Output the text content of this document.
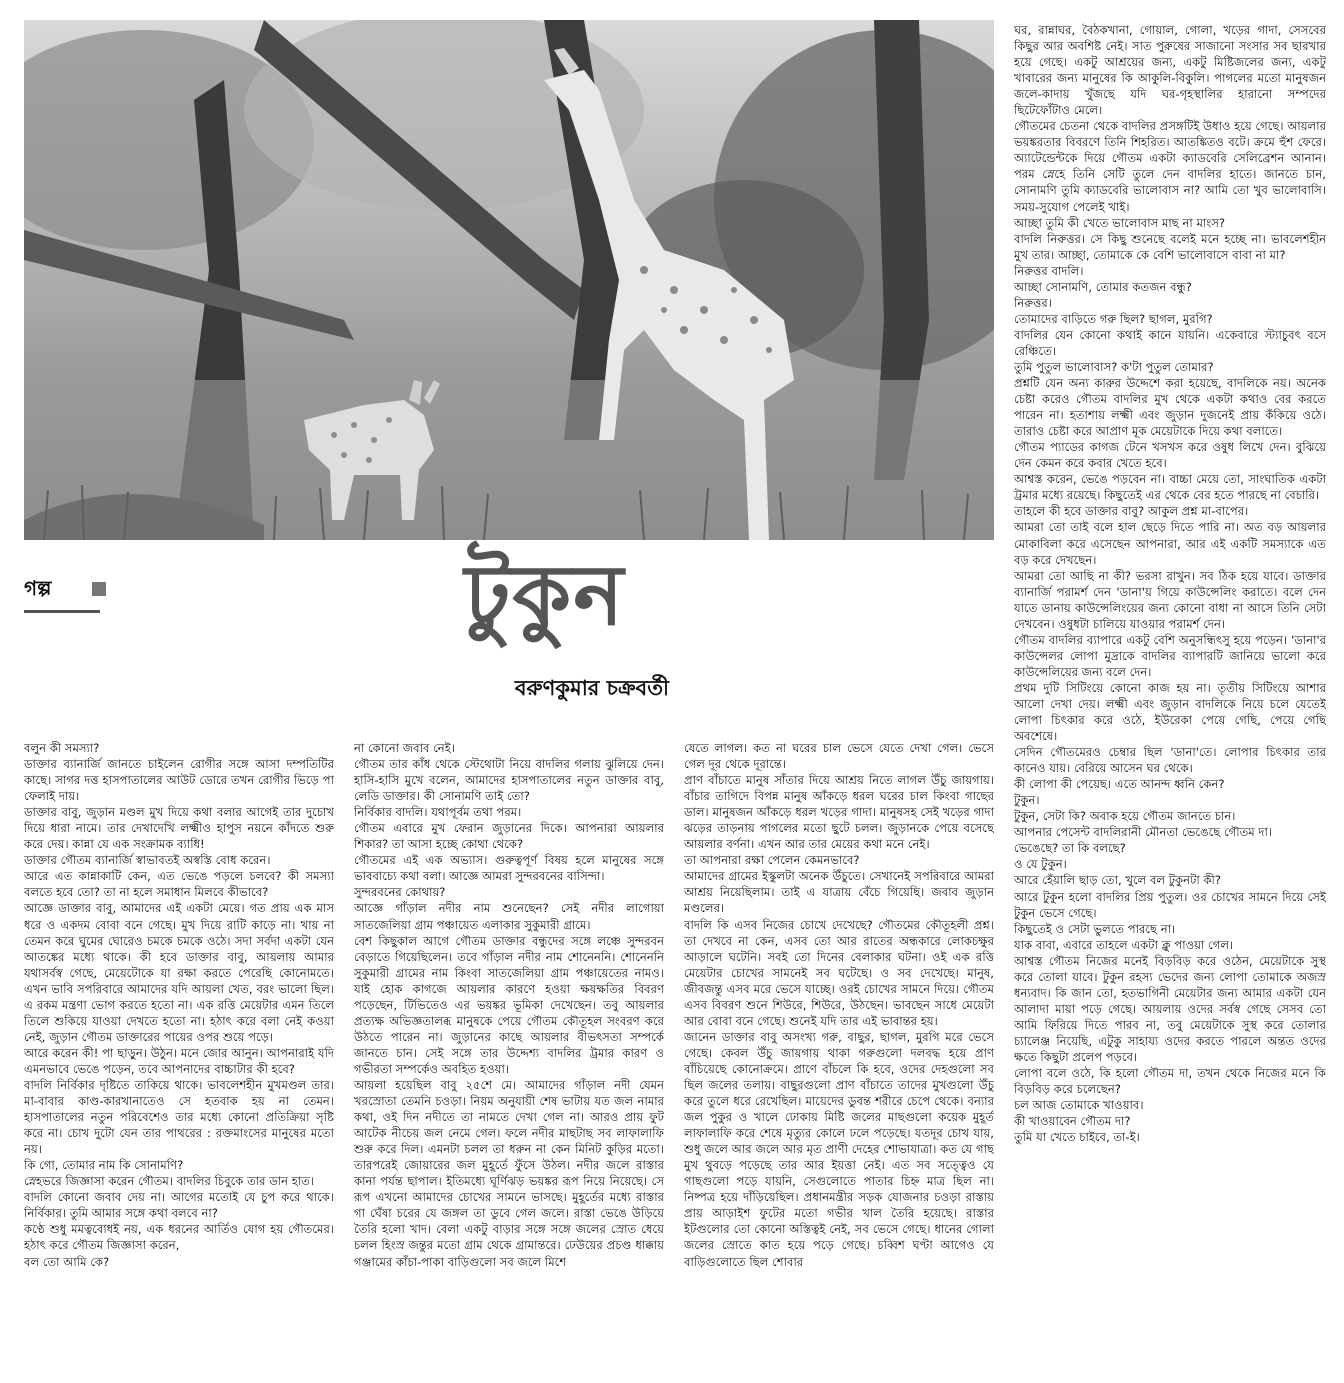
গল্প	টুকুন
বরুণকুমার চক্রবর্তী

বলুন কী সমস্যা?

ডাক্তার ব্যানার্জি জানতে চাইলেন রোগীর সঙ্গে আসা দম্পতিটির কাছে। সাগর দত্ত হাসপাতালের আউট ডোরে তখন রোগীর ভিড়ে পা ফেলাই দায়।

ডাক্তার বাবু, জুড়ান মণ্ডল মুখ দিয়ে কথা বলার আগেই তার দুচোখ দিয়ে ধারা নামে। তার দেখাদেখি লক্ষ্মীও হাপুস নয়নে কাঁদতে শুরু করে দেয়। কান্না যে এক সংক্রামক ব্যাধি!

ডাক্তার গৌতম ব্যানার্জি স্বাভাবতই অস্বস্তি বোধ করেন।

আরে এত কান্নাকাটি কেন, এত ভেঙে পড়লে চলবে? কী সমস্যা বলতে হবে তো? তা না হলে সমাধান মিলবে কীভাবে?

আজ্ঞে ডাক্তার বাবু, আমাদের এই একটা মেয়ে। গত প্রায় এক মাস ধরে ও একদম বোবা বনে গেছে। মুখ দিয়ে রাটি কাড়ে না। খায় না তেমন করে ঘুমের ঘোরেও চমকে চমকে ওঠে। সদা সর্বদা একটা যেন আতঙ্কের মধ্যে থাকে। কী হবে ডাক্তার বাবু, আয়লায় আমার যথাসর্বস্ব গেছে, মেয়েটোকে যা রক্ষা করতে পেরেছি কোনোমতে। এখন ভাবি সপরিবারে আমাদের যদি আয়লা খেত, বরং ভালো ছিল। এ রকম মন্ত্রণা ভোগ করতে হতো না। এক রত্তি মেয়েটার এমন তিলে তিলে শুকিয়ে যাওয়া দেখতে হতো না। হঠাৎ করে বলা নেই কওয়া নেই, জুড়ান গৌতম ডাক্তারের পায়ের ওপর শুয়ে পড়ে।

আরে করেন কী! পা ছাড়ুন। উঠুন। মনে জোর আনুন। আপনারাই যদি এমনভাবে ভেঙে পড়েন, তবে আপনাদের বাচ্চাটার কী হবে?

বাদলি নির্বিকার দৃষ্টিতে তাকিয়ে থাকে। ভাবলেশহীন মুখমণ্ডল তার। মা-বাবার কাণ্ড-কারখানাতেও সে হতবাক হয় না তেমন। হাসপাতালের নতুন পরিবেশেও তার মধ্যে কোনো প্রতিক্রিয়া সৃষ্টি করে না। চোখ দুটো যেন তার পাথরের : রক্তমাংসের মানুষের মতো নয়।

কি গো, তোমার নাম কি সোনামণি?

স্নেহভরে জিজ্ঞাসা করেন গৌতম। বাদলির চিবুকে তার ডান হাত।

বাদলি কোনো জবাব দেয় না। আগের মতোই যে চুপ করে থাকে। নির্বিকার। তুমি আমার সঙ্গে কথা বলবে না?

কণ্ঠে শুধু মমত্ববোধই নয়, এক ধরনের আর্তিও যোগ হয় গৌতমের। হঠাৎ করে গৌতম জিজ্ঞাসা করেন,

বল তো আমি কে?

না কোনো জবাব নেই।

গৌতম তার কাঁধ থেকে স্টেথোটা নিয়ে বাদলির গলায় ঝুলিয়ে দেন। হাসি-হাসি মুখে বলেন, আমাদের হাসপাতালের নতুন ডাক্তার বাবু, লেডি ডাক্তার। কী সোনামণি তাই তো?

নির্বিকার বাদলি। যথাপূর্বম তথা পরম।

গৌতম এবারে মুখ ফেরান জুড়ানের দিকে। আপনারা আয়লার শিকার? তা আসা হচ্ছে কোথা থেকে?

গৌতমের এই এক অভ্যাস। গুরুত্বপূর্ণ বিষয় হলে মানুষের সঙ্গে ভাববাচ্যে কথা বলা। আজ্ঞে আমরা সুন্দরবনের বাসিন্দা।

সুন্দরবনের কোথায়?

আজ্ঞে গাঁড়াল নদীর নাম শুনেছেন? সেই নদীর লাগোয়া সাতজেলিয়া গ্রাম পঞ্চায়েত এলাকার সুকুমারী গ্রামে।

বেশ কিছুকাল আগে গৌতম ডাক্তার বন্ধুদের সঙ্গে লঞ্চে সুন্দরবন বেড়াতে গিয়েছিলেন। তবে গাঁড়াল নদীর নাম শোনেননি। শোনেননি সুকুমারী গ্রামের নাম কিংবা সাতজেলিয়া গ্রাম পঞ্চায়েতের নামও। যাই হোক কাগজে আয়লার কারণে হওয়া ক্ষয়ক্ষতির বিবরণ পড়েছেন, টিভিতেও এর ভয়ঙ্কর ভূমিকা দেখেছেন। তবু আয়লার প্রত্যক্ষ অভিজ্ঞতালব্ধ মানুষকে পেয়ে গৌতম কৌতূহল সংবরণ করে উঠতে পারেন না। জুড়ানের কাছে আয়লার বীভৎসতা সম্পর্কে জানতে চান। সেই সঙ্গে তার উদ্দেশ্য বাদলির ট্রমার কারণ ও গভীরতা সম্পর্কেও অবহিত হওয়া।

আয়লা হয়েছিল বাবু ২৫শে মে। আমাদের গাঁড়াল নদী যেমন খরস্রোতা তেমনি চওড়া। নিয়ম অনুযায়ী শেষ ভাটায় যত জল নামার কথা, ওই দিন নদীতে তা নামতে দেখা গেল না। আরও প্রায় ফুট আটেক নীচেয় জল নেমে গেল। ফলে নদীর মাছটাছ সব লাফালাফি শুরু করে দিল। এমনটা চলল তা ধরুন না কেন মিনিট কুড়ির মতো। তারপরেই জোয়ারের জল মুহূর্তে ফুঁসে উঠল। নদীর জলে রাস্তার কানা পর্যন্ত ছাপাল। ইতিমধ্যে ঘূর্ণিঝড় ভয়ঙ্কর রূপ নিয়ে নিয়েছে। সে রূপ এখনো আমাদের চোখের সামনে ভাসছে। মুহূর্তের মধ্যে রাস্তার গা ঘেঁষা চরের যে জঙ্গল তা ডুবে গেল জলে। রাস্তা ভেঙে উড়িয়ে তৈরি হলো খাদ। বেলা একটু বাড়ার সঙ্গে সঙ্গে জলের স্রোত ধেয়ে চলল হিংস্র জন্তুর মতো গ্রাম থেকে গ্রামান্তরে। ঢেউয়ের প্রচণ্ড ধাক্কায় গঞ্জামের কাঁচা-পাকা বাড়িগুলো সব জলে মিশে

যেতে লাগল। কত না ঘরের চাল ভেসে যেতে দেখা গেল। ভেসে গেল দূর থেকে দূরান্তে।

প্রাণ বাঁচাতে মানুষ সাঁতার দিয়ে আশ্রয় নিতে লাগল উঁচু জায়গায়। বাঁচার তাগিদে বিপন্ন মানুষ আঁকড়ে ধরল ঘরের চাল কিংবা গাছের ডাল। মানুষজন আঁকড়ে ধরল খড়ের গাদা। মানুষসহ সেই খড়ের গাদা ঝড়ের তাড়নায় পাগলের মতো ছুটে চলল। জুড়ানকে পেয়ে বসেছে আয়লার বর্ণনা। এখন আর তার মেয়ের কথা মনে নেই।

তা আপনারা রক্ষা পেলেন কেমনভাবে?

আমাদের গ্রামের ইস্কুলটা অনেক উঁচুতে। সেখানেই সপরিবারে আমরা আশ্রয় নিয়েছিলাম। তাই এ যাত্রায় বেঁচে গিয়েছি। জবাব জুড়ান মণ্ডলের।

বাদলি কি এসব নিজের চোখে দেখেছে? গৌতমের কৌতূহলী প্রশ্ন। তা দেখবে না কেন, এসব তো আর রাতের অন্ধকারে লোকচক্ষুর আড়ালে ঘটেনি। সবই তো দিনের বেলাকার ঘটনা। ওই এক রত্তি মেয়েটার চোখের সামনেই সব ঘটেছে। ও সব দেখেছে। মানুষ, জীবজন্তু এসব মরে ভেসে যাচ্ছে। ওরই চোখের সামনে দিয়ে। গৌতম এসব বিবরণ শুনে শিউরে, শিউরে, উঠছেন। ভাবছেন সাধে মেয়েটা আর বোবা বনে গেছে। শুনেই যদি তার এই ভাবান্তর হয়।

জানেন ডাক্তার বাবু অসংখ্য গরু, বাছুর, ছাগল, মুরগি মরে ভেসে গেছে। কেবল উঁচু জায়গায় থাকা গরুগুলো দলবদ্ধ হয়ে প্রাণ বাঁচিয়েছে কোনোক্রমে। প্রাণে বাঁচলে কি হবে, ওদের দেহগুলো সব ছিল জলের তলায়। বাছুরগুলো প্রাণ বাঁচাতে তাদের মুখগুলো উঁচু করে তুলে ধরে রেখেছিল। মায়েদের ডুবন্ত শরীরে চেপে থেকে। বন্যার জল পুকুর ও খালে ঢোকায় মিষ্টি জলের মাছগুলো কয়েক মুহূর্ত লাফালাফি করে শেষে মৃত্যুর কোলে ঢলে পড়েছে। যতদূর চোখ যায়, শুধু জলে আর জলে আর মৃত প্রাণী দেহের শোভাযাত্রা। কত যে গাছ মুখ থুবড়ে পড়েছে তার আর ইয়ত্তা নেই। এত সব সত্ত্বেও যে গাছগুলো পড়ে যায়নি, সেগুলোতে পাতার চিহ্ন মাত্র ছিল না। নিষ্পত্র হয়ে দাঁড়িয়েছিল। প্রধানমন্ত্রীর সড়ক যোজনার চওড়া রাস্তায় প্রায় আড়াইশ ফুটের মতো গভীর খাল তৈরি হয়েছে। রাস্তার ইটগুলোর তো কোনো অস্তিত্বই নেই, সব ভেসে গেছে। ধানের গোলা জলের স্রোতে কাত হয়ে পড়ে গেছে। চব্বিশ ঘণ্টা আগেও যে বাড়িগুলোতে ছিল শোবার

ঘর, রান্নাঘর, বৈঠকখানা, গোয়াল, গোলা, খড়ের গাদা, সেসবের কিছুর আর অবশিষ্ট নেই। সাত পুরুষের সাজানো সংসার সব ছারখার হয়ে গেছে। একটু আশ্রয়ের জন্য, একটু মিষ্টিজলের জন্য, একটু খাবারের জন্য মানুষের কি আকুলি-বিকুলি। পাগলের মতো মানুষজন জলে-কাদায় খুঁজছে যদি ঘর-গৃহস্থালির হারানো সম্পদের ছিটেফোঁটাও মেলে।

গৌতমের চেতনা থেকে বাদলির প্রসঙ্গটিই উধাও হয়ে গেছে। আয়লার ভয়ঙ্করতার বিবরণে তিনি শিহরিত। আতঙ্কিতও বটে। ক্রমে হুঁশ ফেরে। অ্যাটেন্ডেন্টকে দিয়ে গৌতম একটা ক্যাডবেরি সেলিব্রেশন আনান। পরম স্নেহে তিনি সেটি তুলে দেন বাদলির হাতে। জানতে চান, সোনামণি তুমি ক্যাডবেরি ভালোবাস না? আমি তো খুব ভালোবাসি। সময়-সুযোগ পেলেই খাই।

আচ্ছা তুমি কী খেতে ভালোবাস মাছ না মাংস?

বাদলি নিরুত্তর। সে কিছু শুনেছে বলেই মনে হচ্ছে না। ভাবলেশহীন মুখ তার। আচ্ছা, তোমাকে কে বেশি ভালোবাসে বাবা না মা?

নিরুত্তর বাদলি।

আচ্ছা সোনামণি, তোমার কতজন বন্ধু?

নিরুত্তর।

তোমাদের বাড়িতে গরু ছিল? ছাগল, মুরগি?

বাদলির যেন কোনো কথাই কানে যায়নি। একেবারে স্ট্যাচুবৎ বসে রেঞ্চিতে।

তুমি পুতুল ভালোবাস? ক'টা পুতুল তোমার?

প্রশ্নটি যেন অন্য কারুর উদ্দেশে করা হয়েছে, বাদলিকে নয়। অনেক চেষ্টা করেও গৌতম বাদলির মুখ থেকে একটা কথাও বের করতে পারেন না। হতাশায় লক্ষ্মী এবং জুড়ান দুজনেই প্রায় কঁকিয়ে ওঠে। তারাও চেষ্টা করে আপ্রাণ মূক মেয়েটাকে দিয়ে কথা বলাতে।

গৌতম প্যাডের কাগজ টেনে খসখস করে ওষুধ লিখে দেন। বুঝিয়ে দেন কেমন করে কবার খেতে হবে।

আশ্বস্ত করেন, ভেঙে পড়বেন না। বাচ্চা মেয়ে তো, সাংঘাতিক একটা ট্রমার মধ্যে রয়েছে। কিছুতেই এর থেকে বের হতে পারছে না বেচারি।

তাহলে কী হবে ডাক্তার বাবু? আকুল প্রশ্ন মা-বাপের।

আমরা তো তাই বলে হাল ছেড়ে দিতে পারি না। অত বড় আয়লার মোকাবিলা করে এসেছেন আপনারা, আর এই একটি সমস্যাকে এত বড় করে দেখছেন।

আমরা তো আছি না কী? ভরসা রাখুন। সব ঠিক হয়ে যাবে। ডাক্তার ব্যানার্জি পরামর্শ দেন 'ডানা'য় গিয়ে কাউন্সেলিং করাতে। বলে দেন যাতে ডানায় কাউন্সেলিংয়ের জন্য কোনো বাধা না আসে তিনি সেটা দেখবেন। ওষুধটা চালিয়ে যাওয়ার পরামর্শ দেন।

গৌতম বাদলির ব্যাপারে একটু বেশি অনুসন্ধিৎসু হয়ে পড়েন। 'ডানা'র কাউন্সেলর লোপা মুদ্রাকে বাদলির ব্যাপারটি জানিয়ে ভালো করে কাউন্সেলিয়ের জন্য বলে দেন।

প্রথম দুটি সিটিংয়ে কোনো কাজ হয় না। তৃতীয় সিটিংয়ে আশার আলো দেখা দেয়। লক্ষ্মী এবং জুড়ান বাদলিকে নিয়ে চলে যেতেই লোপা চিৎকার করে ওঠে, ইউরেকা পেয়ে গেছি, পেয়ে গেছি অবশেষে।

সেদিন গৌতমেরও চেম্বার ছিল 'ডানা'তে। লোপার চিৎকার তার কানেও যায়। বেরিয়ে আসেন ঘর থেকে।

কী লোপা কী পেয়েছ। এতে আনন্দ ধ্বনি কেন?

টুকুন।

টুকুন, সেটা কি? অবাক হয়ে গৌতম জানতে চান।

আপনার পেসেন্ট বাদলিরানী মৌনতা ভেঙেছে গৌতম দা।

ভেঙেছে? তা কি বলছে?

ও যে টুকুন।

আরে হেঁয়ালি ছাড় তো, খুলে বল টুকুনটা কী?

আরে টুকুন হলো বাদলির প্রিয় পুতুল। ওর চোখের সামনে দিয়ে সেই টুকুন ভেসে গেছে।

কিছুতেই ও সেটা ভুলতে পারছে না।

যাক বাবা, এবারে তাহলে একটা ক্লু পাওয়া গেল।

আশ্বস্ত গৌতম নিজের মনেই বিড়বিড় করে ওঠেন, মেয়েটাকে সুস্থ করে তোলা যাবে। টুকুন রহস্য ভেদের জন্য লোপা তোমাকে অজস্র ধন্যবাদ। কি জান তো, হতভাগিনী মেয়েটার জন্য আমার একটা যেন আলাদা মায়া পড়ে গেছে। আয়লায় ওদের সর্বস্ব গেছে সেসব তো আমি ফিরিয়ে দিতে পারব না, তবু মেয়েটাকে সুস্থ করে তোলার চ্যালেঞ্জ নিয়েছি, এটুকু সাহায্য ওদের করতে পারলে অন্তত ওদের ক্ষতে কিছুটা প্রলেপ পড়বে।

লোপা বলে ওঠে, কি হলো গৌতম দা, তখন থেকে নিজের মনে কি বিড়বিড় করে চলেছেন?

চল আজ তোমাকে খাওয়াব।

কী খাওয়াবেন গৌতম দা?

তুমি যা খেতে চাইবে, তা-ই।
